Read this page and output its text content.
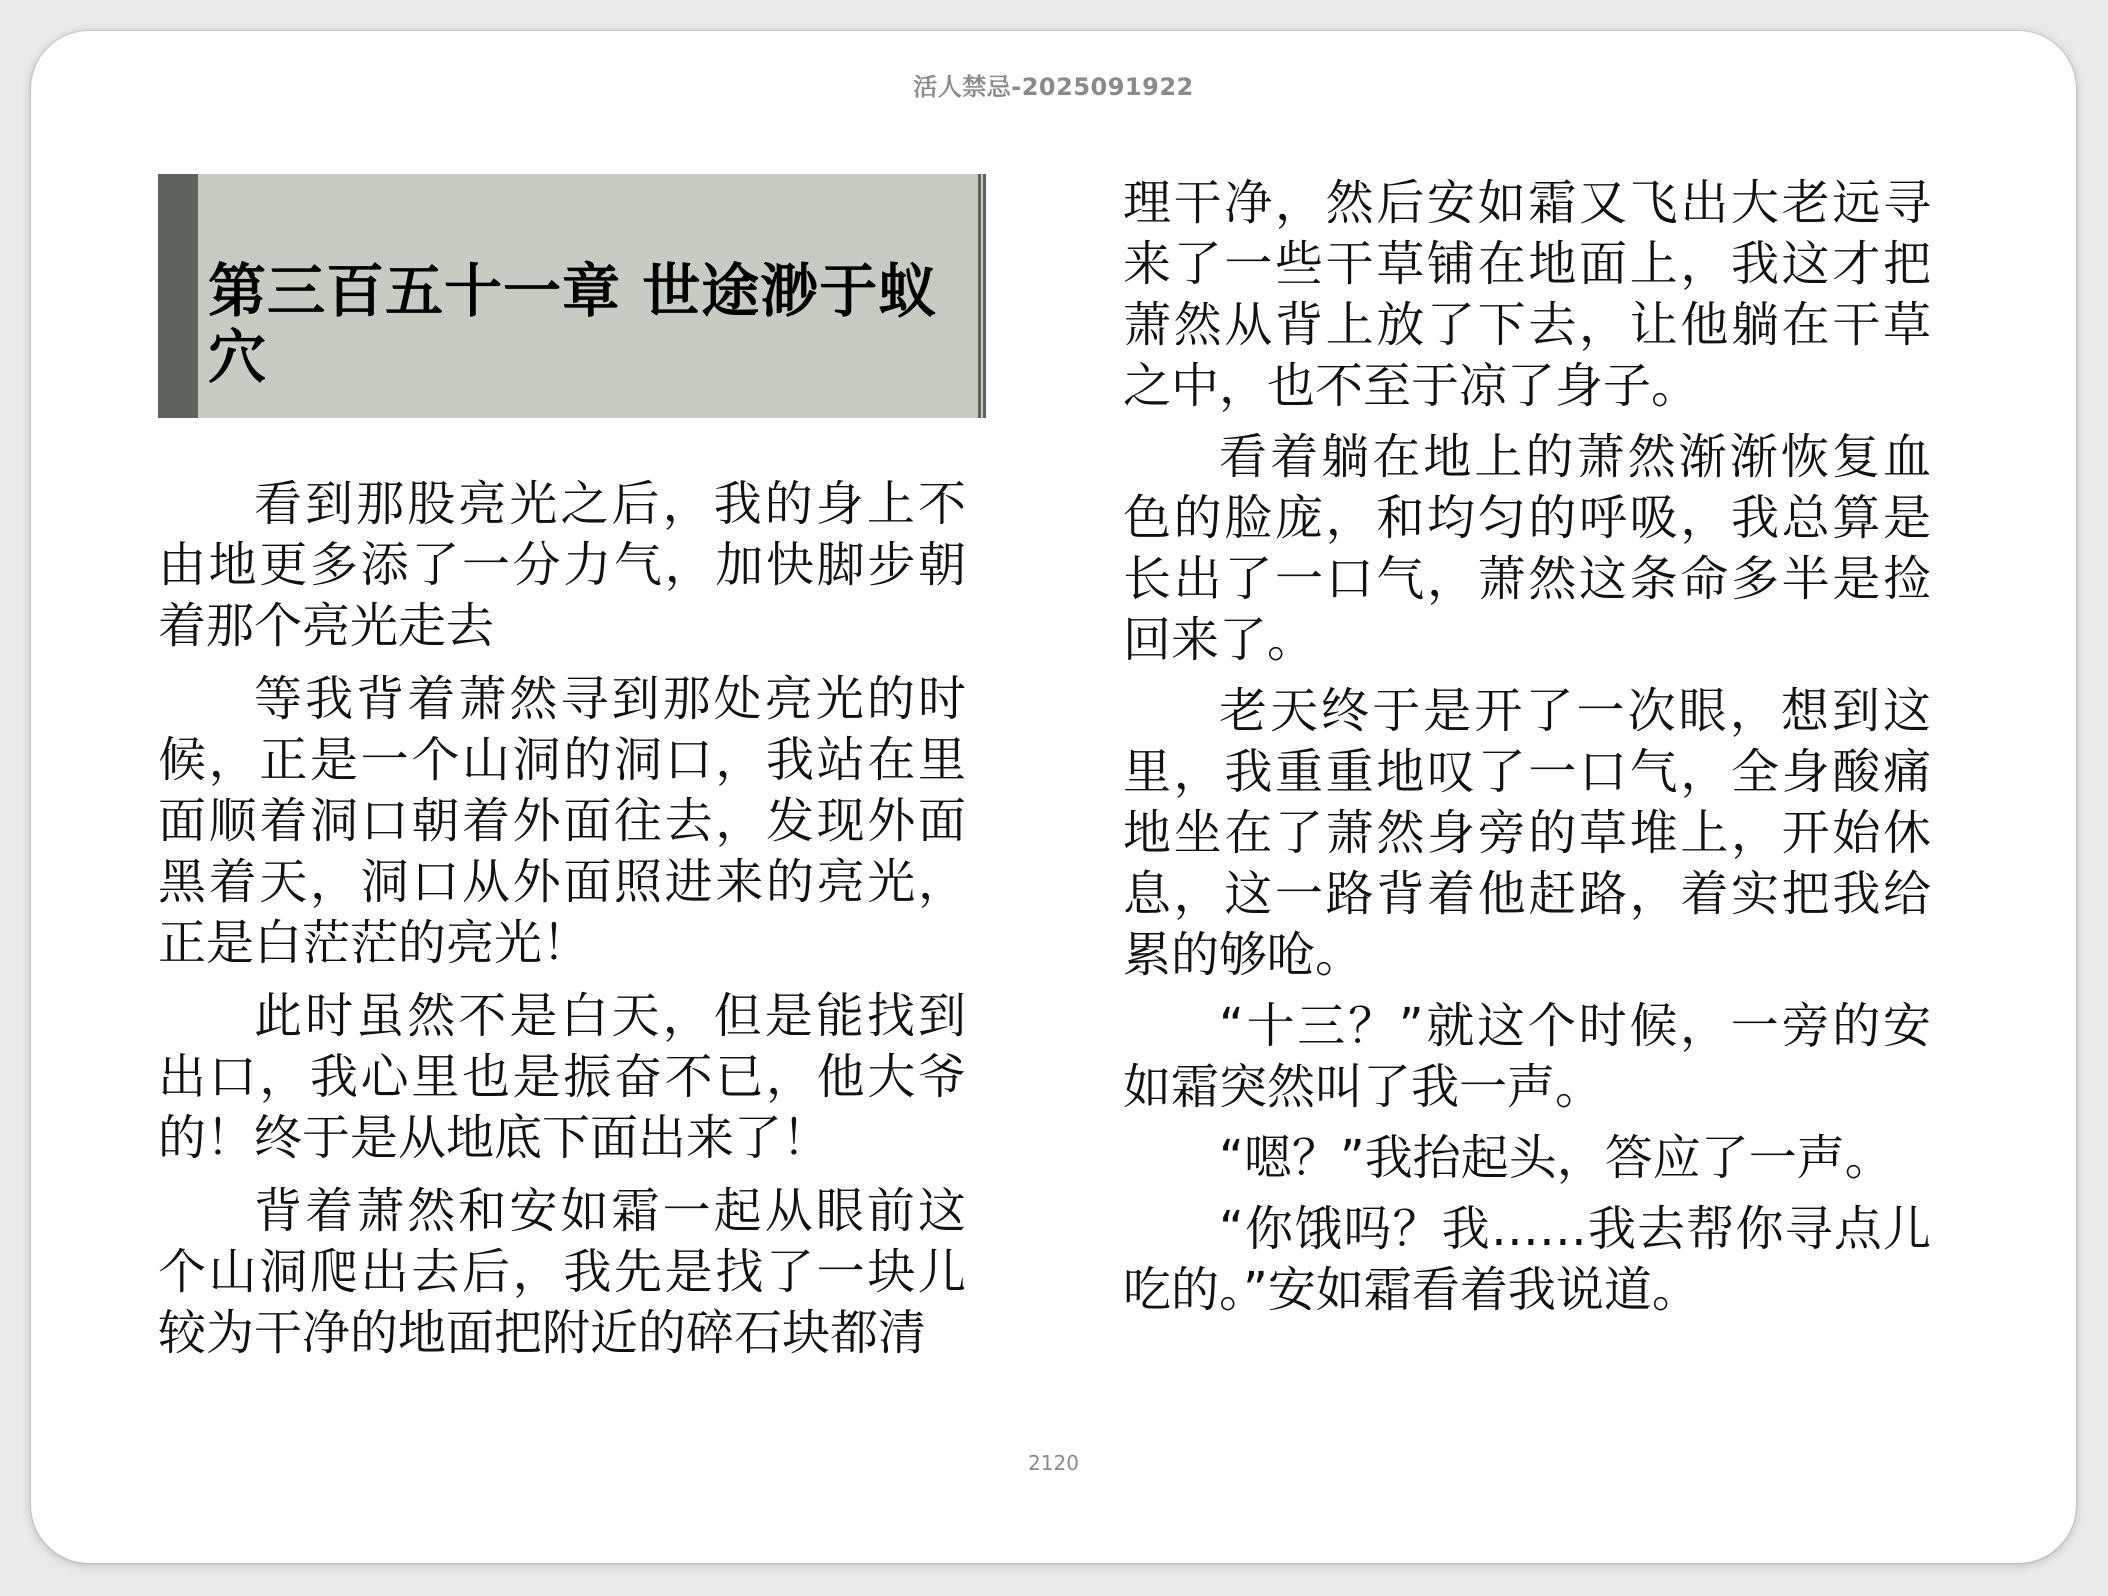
活人禁忌-2025091922
第三百五十一章 世途渺于蚁穴

看到那股亮光之后，我的身上不由地更多添了一分力气，加快脚步朝着那个亮光走去

等我背着萧然寻到那处亮光的时候，正是一个山洞的洞口，我站在里面顺着洞口朝着外面往去，发现外面黑着天，洞口从外面照进来的亮光，正是白茫茫的亮光！

此时虽然不是白天，但是能找到出口，我心里也是振奋不已，他大爷的！终于是从地底下面出来了！

背着萧然和安如霜一起从眼前这个山洞爬出去后，我先是找了一块儿较为干净的地面把附近的碎石块都清

理干净，然后安如霜又飞出大老远寻来了一些干草铺在地面上，我这才把萧然从背上放了下去，让他躺在干草之中，也不至于凉了身子。

看着躺在地上的萧然渐渐恢复血色的脸庞，和均匀的呼吸，我总算是长出了一口气，萧然这条命多半是捡回来了。

老天终于是开了一次眼，想到这里，我重重地叹了一口气，全身酸痛地坐在了萧然身旁的草堆上，开始休息，这一路背着他赶路，着实把我给累的够呛。

“十三？”就这个时候，一旁的安如霜突然叫了我一声。

“嗯？”我抬起头，答应了一声。

“你饿吗？我……我去帮你寻点儿吃的。”安如霜看着我说道。

2120
